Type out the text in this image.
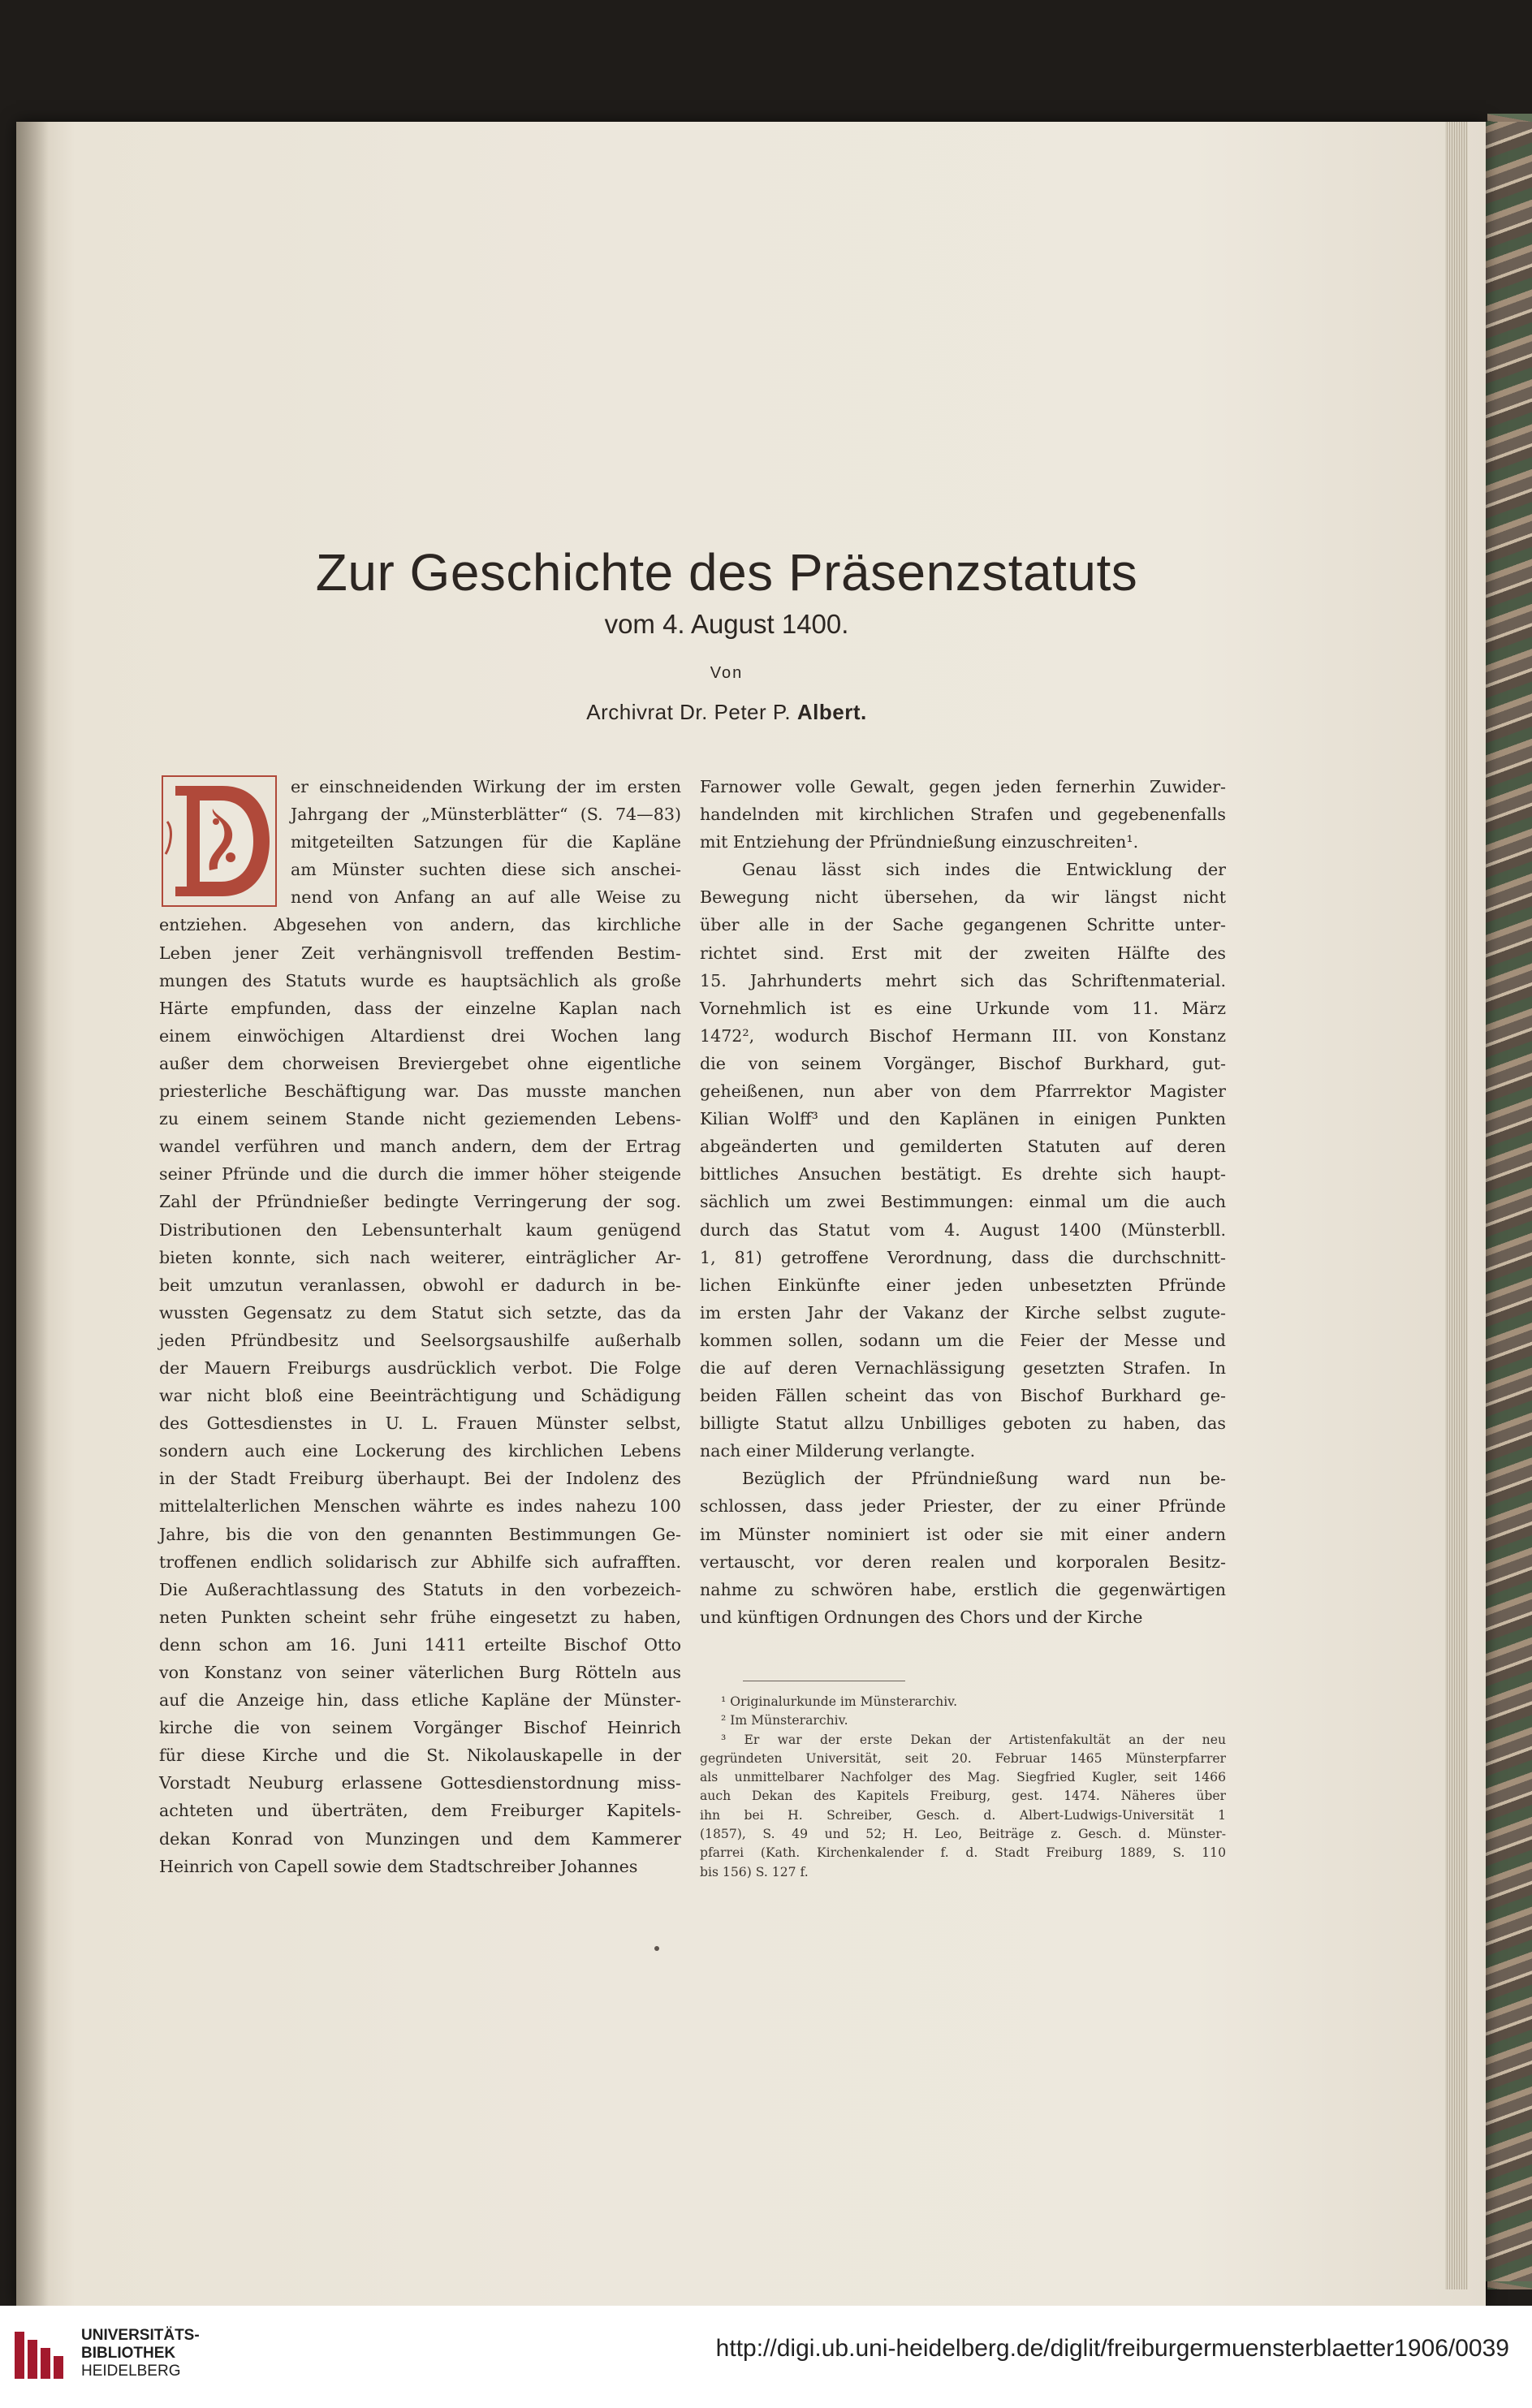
Zur Geschichte des Präsenzstatuts
vom 4. August 1400.
Von
Archivrat Dr. Peter P. Albert.
er einschneidenden Wirkung der im ersten
Jahrgang der „Münsterblätter“ (S. 74—83)
mitgeteilten Satzungen für die Kapläne
am Münster suchten diese sich anschei-
nend von Anfang an auf alle Weise zu
entziehen. Abgesehen von andern, das kirchliche
Leben jener Zeit verhängnisvoll treffenden Bestim-
mungen des Statuts wurde es hauptsächlich als große
Härte empfunden, dass der einzelne Kaplan nach
einem einwöchigen Altardienst drei Wochen lang
außer dem chorweisen Breviergebet ohne eigentliche
priesterliche Beschäftigung war. Das musste manchen
zu einem seinem Stande nicht geziemenden Lebens-
wandel verführen und manch andern, dem der Ertrag
seiner Pfründe und die durch die immer höher steigende
Zahl der Pfründnießer bedingte Verringerung der sog.
Distributionen den Lebensunterhalt kaum genügend
bieten konnte, sich nach weiterer, einträglicher Ar-
beit umzutun veranlassen, obwohl er dadurch in be-
wussten Gegensatz zu dem Statut sich setzte, das da
jeden Pfründbesitz und Seelsorgsaushilfe außerhalb
der Mauern Freiburgs ausdrücklich verbot. Die Folge
war nicht bloß eine Beeinträchtigung und Schädigung
des Gottesdienstes in U. L. Frauen Münster selbst,
sondern auch eine Lockerung des kirchlichen Lebens
in der Stadt Freiburg überhaupt. Bei der Indolenz des
mittelalterlichen Menschen währte es indes nahezu 100
Jahre, bis die von den genannten Bestimmungen Ge-
troffenen endlich solidarisch zur Abhilfe sich aufrafften.
Die Außerachtlassung des Statuts in den vorbezeich-
neten Punkten scheint sehr frühe eingesetzt zu haben,
denn schon am 16. Juni 1411 erteilte Bischof Otto
von Konstanz von seiner väterlichen Burg Rötteln aus
auf die Anzeige hin, dass etliche Kapläne der Münster-
kirche die von seinem Vorgänger Bischof Heinrich
für diese Kirche und die St. Nikolauskapelle in der
Vorstadt Neuburg erlassene Gottesdienstordnung miss-
achteten und überträten, dem Freiburger Kapitels-
dekan Konrad von Munzingen und dem Kammerer
Heinrich von Capell sowie dem Stadtschreiber Johannes
Farnower volle Gewalt, gegen jeden fernerhin Zuwider-
handelnden mit kirchlichen Strafen und gegebenenfalls
mit Entziehung der Pfründnießung einzuschreiten¹.
Genau lässt sich indes die Entwicklung der
Bewegung nicht übersehen, da wir längst nicht
über alle in der Sache gegangenen Schritte unter-
richtet sind. Erst mit der zweiten Hälfte des
15. Jahrhunderts mehrt sich das Schriftenmaterial.
Vornehmlich ist es eine Urkunde vom 11. März
1472², wodurch Bischof Hermann III. von Konstanz
die von seinem Vorgänger, Bischof Burkhard, gut-
geheißenen, nun aber von dem Pfarrrektor Magister
Kilian Wolff³ und den Kaplänen in einigen Punkten
abgeänderten und gemilderten Statuten auf deren
bittliches Ansuchen bestätigt. Es drehte sich haupt-
sächlich um zwei Bestimmungen: einmal um die auch
durch das Statut vom 4. August 1400 (Münsterbll.
1, 81) getroffene Verordnung, dass die durchschnitt-
lichen Einkünfte einer jeden unbesetzten Pfründe
im ersten Jahr der Vakanz der Kirche selbst zugute-
kommen sollen, sodann um die Feier der Messe und
die auf deren Vernachlässigung gesetzten Strafen. In
beiden Fällen scheint das von Bischof Burkhard ge-
billigte Statut allzu Unbilliges geboten zu haben, das
nach einer Milderung verlangte.
Bezüglich der Pfründnießung ward nun be-
schlossen, dass jeder Priester, der zu einer Pfründe
im Münster nominiert ist oder sie mit einer andern
vertauscht, vor deren realen und korporalen Besitz-
nahme zu schwören habe, erstlich die gegenwärtigen
und künftigen Ordnungen des Chors und der Kirche
¹ Originalurkunde im Münsterarchiv.
² Im Münsterarchiv.
³ Er war der erste Dekan der Artistenfakultät an der neu
gegründeten Universität, seit 20. Februar 1465 Münsterpfarrer
als unmittelbarer Nachfolger des Mag. Siegfried Kugler, seit 1466
auch Dekan des Kapitels Freiburg, gest. 1474. Näheres über
ihn bei H. Schreiber, Gesch. d. Albert-Ludwigs-Universität 1
(1857), S. 49 und 52; H. Leo, Beiträge z. Gesch. d. Münster-
pfarrei (Kath. Kirchenkalender f. d. Stadt Freiburg 1889, S. 110
bis 156) S. 127 f.
UNIVERSITÄTS-
BIBLIOTHEK
HEIDELBERG
http://digi.ub.uni-heidelberg.de/diglit/freiburgermuensterblaetter1906/0039
